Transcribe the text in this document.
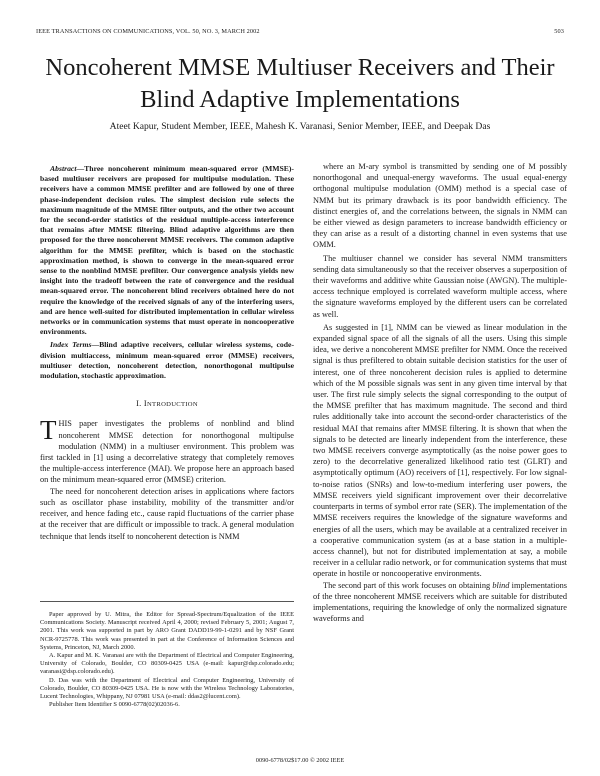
IEEE TRANSACTIONS ON COMMUNICATIONS, VOL. 50, NO. 3, MARCH 2002	503
Noncoherent MMSE Multiuser Receivers and Their Blind Adaptive Implementations
Ateet Kapur, Student Member, IEEE, Mahesh K. Varanasi, Senior Member, IEEE, and Deepak Das

Abstract—Three noncoherent minimum mean-squared error (MMSE)-based multiuser receivers are proposed for multipulse modulation. These receivers have a common MMSE prefilter and are followed by one of three phase-independent decision rules. The simplest decision rule selects the maximum magnitude of the MMSE filter outputs, and the other two account for the second-order statistics of the residual multiple-access interference that remains after MMSE filtering. Blind adaptive algorithms are then proposed for the three noncoherent MMSE receivers. The common adaptive algorithm for the MMSE prefilter, which is based on the stochastic approximation method, is shown to converge in the mean-squared error sense to the nonblind MMSE prefilter. Our convergence analysis yields new insight into the tradeoff between the rate of convergence and the residual mean-squared error. The noncoherent blind receivers obtained here do not require the knowledge of the received signals of any of the interfering users, and are hence well-suited for distributed implementation in cellular wireless networks or in communication systems that must operate in noncooperative environments.

Index Terms—Blind adaptive receivers, cellular wireless systems, code-division multiaccess, minimum mean-squared error (MMSE) receivers, multiuser detection, noncoherent detection, nonorthogonal multipulse modulation, stochastic approximation.

I. INTRODUCTION

THIS paper investigates the problems of nonblind and blind noncoherent MMSE detection for nonorthogonal multipulse modulation (NMM) in a multiuser environment. This problem was first tackled in [1] using a decorrelative strategy that completely removes the multiple-access interference (MAI). We propose here an approach based on the minimum mean-squared error (MMSE) criterion.

The need for noncoherent detection arises in applications where factors such as oscillator phase instability, mobility of the transmitter and/or receiver, and hence fading etc., cause rapid fluctuations of the carrier phase at the receiver that are difficult or impossible to track. A general modulation technique that lends itself to noncoherent detection is NMM

Paper approved by U. Mitra, the Editor for Spread-Spectrum/Equalization of the IEEE Communications Society. Manuscript received April 4, 2000; revised February 5, 2001; August 7, 2001. This work was supported in part by ARO Grant DADD19-99-1-0291 and by NSF Grant NCR-9725778. This work was presented in part at the Conference of Information Sciences and Systems, Princeton, NJ, March 2000.

A. Kapur and M. K. Varanasi are with the Department of Electrical and Computer Engineering, University of Colorado, Boulder, CO 80309-0425 USA (e-mail: kapur@dsp.colorado.edu; varanasi@dsp.colorado.edu).

D. Das was with the Department of Electrical and Computer Engineering, University of Colorado, Boulder, CO 80309-0425 USA. He is now with the Wireless Technology Laboratories, Lucent Technologies, Whippany, NJ 07981 USA (e-mail: ddas2@lucent.com).

Publisher Item Identifier S 0090-6778(02)02036-6.

where an M-ary symbol is transmitted by sending one of M possibly nonorthogonal and unequal-energy waveforms. The usual equal-energy orthogonal multipulse modulation (OMM) method is a special case of NMM but its primary drawback is its poor bandwidth efficiency. The distinct energies of, and the correlations between, the signals in NMM can be either viewed as design parameters to increase bandwidth efficiency or they can arise as a result of a distorting channel in even systems that use OMM.

The multiuser channel we consider has several NMM transmitters sending data simultaneously so that the receiver observes a superposition of their waveforms and additive white Gaussian noise (AWGN). The multiple-access technique employed is correlated waveform multiple access, where the signature waveforms employed by the different users can be correlated as well.

As suggested in [1], NMM can be viewed as linear modulation in the expanded signal space of all the signals of all the users. Using this simple idea, we derive a noncoherent MMSE prefilter for NMM. Once the received signal is thus prefiltered to obtain suitable decision statistics for the user of interest, one of three noncoherent decision rules is applied to determine which of the M possible signals was sent in any given time interval by that user. The first rule simply selects the signal corresponding to the output of the MMSE prefilter that has maximum magnitude. The second and third rules additionally take into account the second-order characteristics of the residual MAI that remains after MMSE filtering. It is shown that when the signals to be detected are linearly independent from the interference, these two MMSE receivers converge asymptotically (as the noise power goes to zero) to the decorrelative generalized likelihood ratio test (GLRT) and asymptotically optimum (AO) receivers of [1], respectively. For low signal-to-noise ratios (SNRs) and low-to-medium interfering user powers, the MMSE receivers yield significant improvement over their decorrelative counterparts in terms of symbol error rate (SER). The implementation of the MMSE receivers requires the knowledge of the signature waveforms and energies of all the users, which may be available at a centralized receiver in a cooperative communication system (as at a base station in a multiple-access channel), but not for distributed implementation at say, a mobile receiver in a cellular radio network, or for communication systems that must operate in hostile or noncooperative environments.

The second part of this work focuses on obtaining blind implementations of the three noncoherent MMSE receivers which are suitable for distributed implementations, requiring the knowledge of only the normalized signature waveforms and

0090-6778/02$17.00 © 2002 IEEE
